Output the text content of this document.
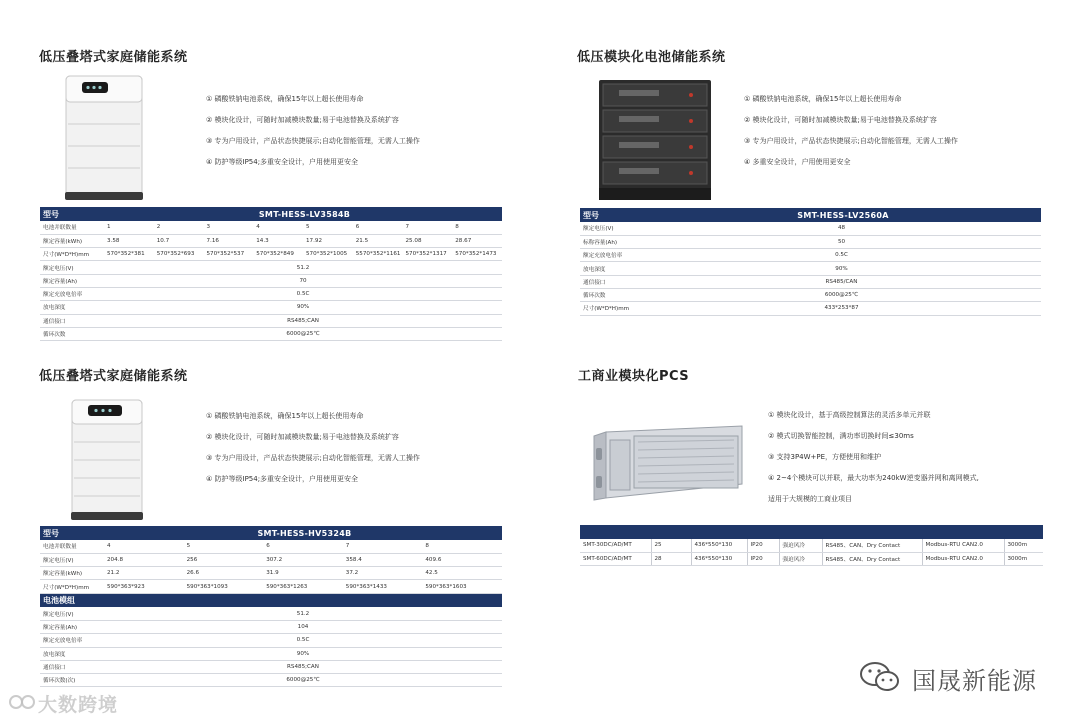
低压叠塔式家庭储能系统
① 磷酸铁钠电池系统，确保15年以上超长使用寿命
② 模块化设计，可随时加减模块数量;易于电池替换及系统扩容
③ 专为户用设计，产品状态快捷展示;自动化智能管理，无需人工操作
④ 防护等级IP54;多重安全设计，户用使用更安全
型号	SMT-HESS-LV3584B							
电池并联数量	1	2	3	4	5	6	7	8
额定容量(kWh)	3.58	10.7	7.16	14.3	17.92	21.5	25.08	28.67
尺寸(W*D*H)mm	570*352*381	570*352*693	570*352*537	570*352*849	570*352*1005	5570*352*1161	570*352*1317	570*352*1473
额定电压(V)	51.2							
额定容量(Ah)	70							
额定充放电倍率	0.5C							
放电深度	90%							
通信接口	RS485;CAN							
循环次数	6000@25℃							
低压模块化电池储能系统
① 磷酸铁钠电池系统，确保15年以上超长使用寿命
② 模块化设计，可随时加减模块数量;易于电池替换及系统扩容
③ 专为户用设计，产品状态快捷展示;自动化智能管理，无需人工操作
④ 多重安全设计，户用使用更安全
型号	SMT-HESS-LV2560A
额定电压(V)	48
标称容量(Ah)	50
额定充放电倍率	0.5C
放电深度	90%
通信接口	RS485/CAN
循环次数	6000@25℃
尺寸(W*D*H)mm	433*253*87
低压叠塔式家庭储能系统
① 磷酸铁钠电池系统，确保15年以上超长使用寿命
② 模块化设计，可随时加减模块数量;易于电池替换及系统扩容
③ 专为户用设计，产品状态快捷展示;自动化智能管理，无需人工操作
④ 防护等级IP54;多重安全设计，户用使用更安全
型号	SMT-HESS-HV5324B				
电池并联数量	4	5	6	7	8
额定电压(V)	204.8	256	307.2	358.4	409.6
额定容量(kWh)	21.2	26.6	31.9	37.2	42.5
尺寸(W*D*H)mm	590*363*923	590*363*1093	590*363*1263	590*363*1433	590*363*1603
电池模组					
额定电压(V)	51.2				
额定容量(Ah)	104				
额定充放电倍率	0.5C				
放电深度	90%				
通信接口	RS485;CAN				
循环次数(次)	6000@25℃				
工商业模块化PCS
① 模块化设计，基于高级控制算法的灵活多单元并联
② 模式切换智能控制，满功率切换时间≤30ms
③ 支持3P4W+PE，方便使用和维护
④ 2~4个模块可以并联，最大功率为240kW逆变器并网和离网模式,
适用于大规模的工商业项目

SMT-30DC/AD/MT	25	436*550*130	IP20	强迫风冷	RS485、CAN、Dry Contact	Modbus-RTU CAN2.0	3000m
SMT-60DC/AD/MT	28	436*550*130	IP20	强迫风冷	RS485、CAN、Dry Contact	Modbus-RTU CAN2.0	3000m
大数跨境
国晟新能源
